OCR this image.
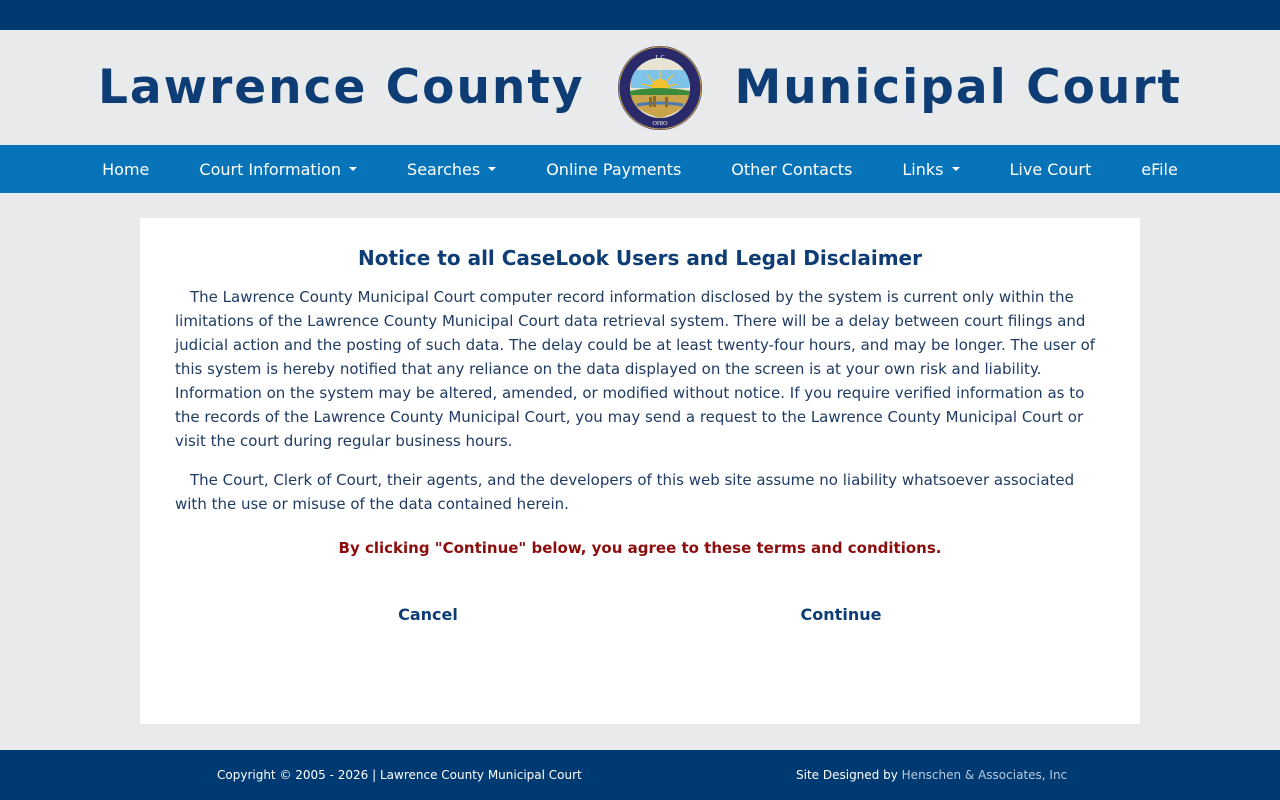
Lawrence County
L C
OHIO
Municipal Court
Home	Court Information	Searches	Online Payments	Other Contacts	Links	Live Court	eFile
Notice to all CaseLook Users and Legal Disclaimer

The Lawrence County Municipal Court computer record information disclosed by the system is current only within the limitations of the Lawrence County Municipal Court data retrieval system. There will be a delay between court filings and judicial action and the posting of such data. The delay could be at least twenty-four hours, and may be longer. The user of this system is hereby notified that any reliance on the data displayed on the screen is at your own risk and liability. Information on the system may be altered, amended, or modified without notice. If you require verified information as to the records of the Lawrence County Municipal Court, you may send a request to the Lawrence County Municipal Court or visit the court during regular business hours.

The Court, Clerk of Court, their agents, and the developers of this web site assume no liability whatsoever associated with the use or misuse of the data contained herein.

By clicking "Continue" below, you agree to these terms and conditions.

Cancel	Continue
Copyright © 2005 - 2026 | Lawrence County Municipal Court	Site Designed by Henschen & Associates, Inc
